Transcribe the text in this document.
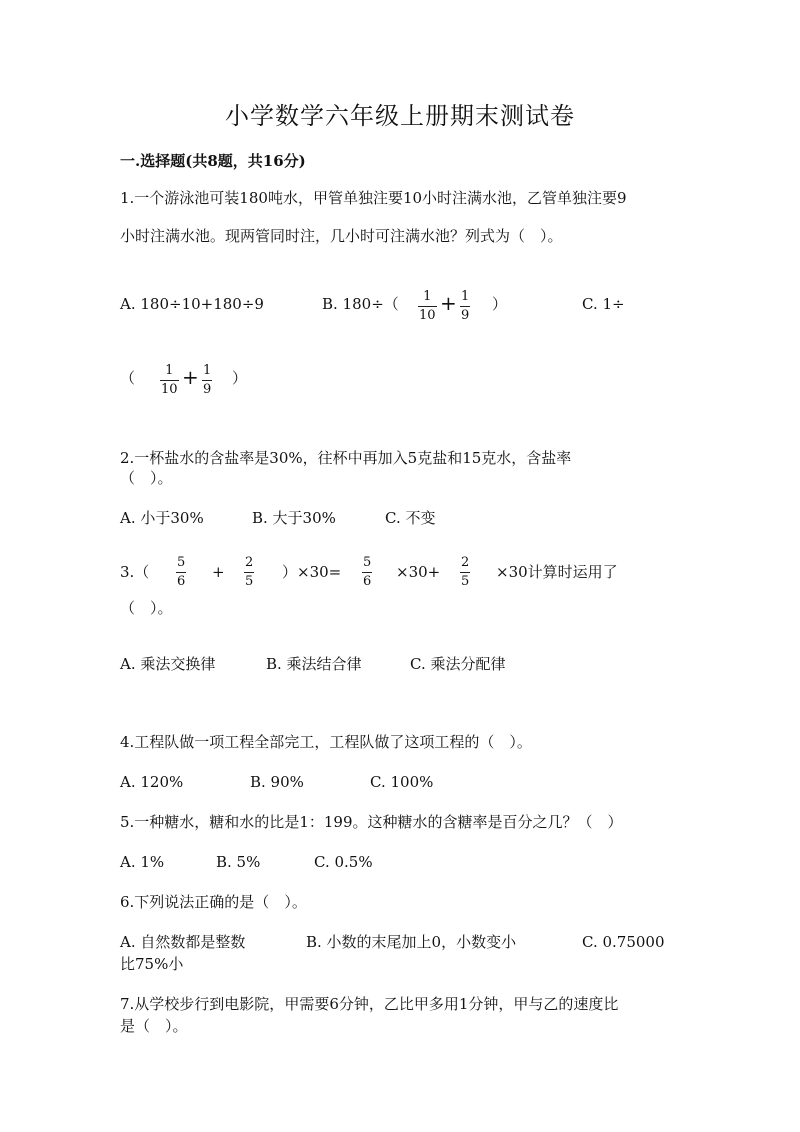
小学数学六年级上册期末测试卷
一.选择题(共8题，共16分)
1.一个游泳池可装180吨水，甲管单独注要10小时注满水池，乙管单独注要9
小时注满水池。现两管同时注，几小时可注满水池？列式为（　）。
A. 180÷10+180÷9	B. 180÷（ 1
10
+ 1
9
）	C. 1÷
（ 1
10
+ 1
9
）
2.一杯盐水的含盐率是30%，往杯中再加入5克盐和15克水，含盐率
（　）。
A. 小于30%	B. 大于30%	C. 不变
3.（
5
6
+
2
5
）×30=
5
6
×30+
2
5
×30计算时运用了
（　）。
A. 乘法交换律	B. 乘法结合律	C. 乘法分配律
4.工程队做一项工程全部完工，工程队做了这项工程的（　）。
A. 120%	B. 90%	C. 100%
5.一种糖水，糖和水的比是1：199。这种糖水的含糖率是百分之几？（　）
A. 1%	B. 5%	C. 0.5%
6.下列说法正确的是（　）。
A. 自然数都是整数	B. 小数的末尾加上0，小数变小	C. 0.75000
比75%小
7.从学校步行到电影院，甲需要6分钟，乙比甲多用1分钟，甲与乙的速度比
是（　）。
